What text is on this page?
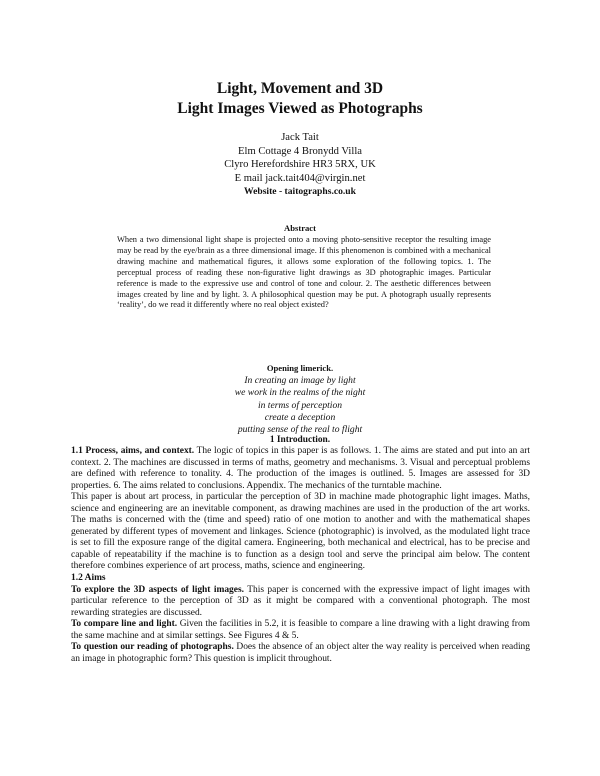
Light, Movement and 3D
Light Images Viewed as Photographs
Jack Tait
Elm Cottage 4 Bronydd Villa
Clyro Herefordshire HR3 5RX, UK
E mail jack.tait404@virgin.net
Website - taitographs.co.uk
Abstract
When a two dimensional light shape is projected onto a moving photo-sensitive receptor the resulting image may be read by the eye/brain as a three dimensional image. If this phenomenon is combined with a mechanical drawing machine and mathematical figures, it allows some exploration of the following topics. 1. The perceptual process of reading these non-figurative light drawings as 3D photographic images. Particular reference is made to the expressive use and control of tone and colour. 2. The aesthetic differences between images created by line and by light. 3. A philosophical question may be put. A photograph usually represents ‘reality’, do we read it differently where no real object existed?
Opening limerick.
In creating an image by light
we work in the realms of the night
in terms of perception
create a deception
putting sense of the real to flight
1 Introduction.

1.1 Process, aims, and context. The logic of topics in this paper is as follows. 1. The aims are stated and put into an art context. 2. The machines are discussed in terms of maths, geometry and mechanisms. 3. Visual and perceptual problems are defined with reference to tonality. 4. The production of the images is outlined. 5. Images are assessed for 3D properties. 6. The aims related to conclusions. Appendix. The mechanics of the turntable machine.

This paper is about art process, in particular the perception of 3D in machine made photographic light images. Maths, science and engineering are an inevitable component, as drawing machines are used in the production of the art works. The maths is concerned with the (time and speed) ratio of one motion to another and with the mathematical shapes generated by different types of movement and linkages. Science (photographic) is involved, as the modulated light trace is set to fill the exposure range of the digital camera. Engineering, both mechanical and electrical, has to be precise and capable of repeatability if the machine is to function as a design tool and serve the principal aim below. The content therefore combines experience of art process, maths, science and engineering.

1.2 Aims

To explore the 3D aspects of light images. This paper is concerned with the expressive impact of light images with particular reference to the perception of 3D as it might be compared with a conventional photograph. The most rewarding strategies are discussed.

To compare line and light. Given the facilities in 5.2, it is feasible to compare a line drawing with a light drawing from the same machine and at similar settings. See Figures 4 & 5.

To question our reading of photographs. Does the absence of an object alter the way reality is perceived when reading an image in photographic form? This question is implicit throughout.
